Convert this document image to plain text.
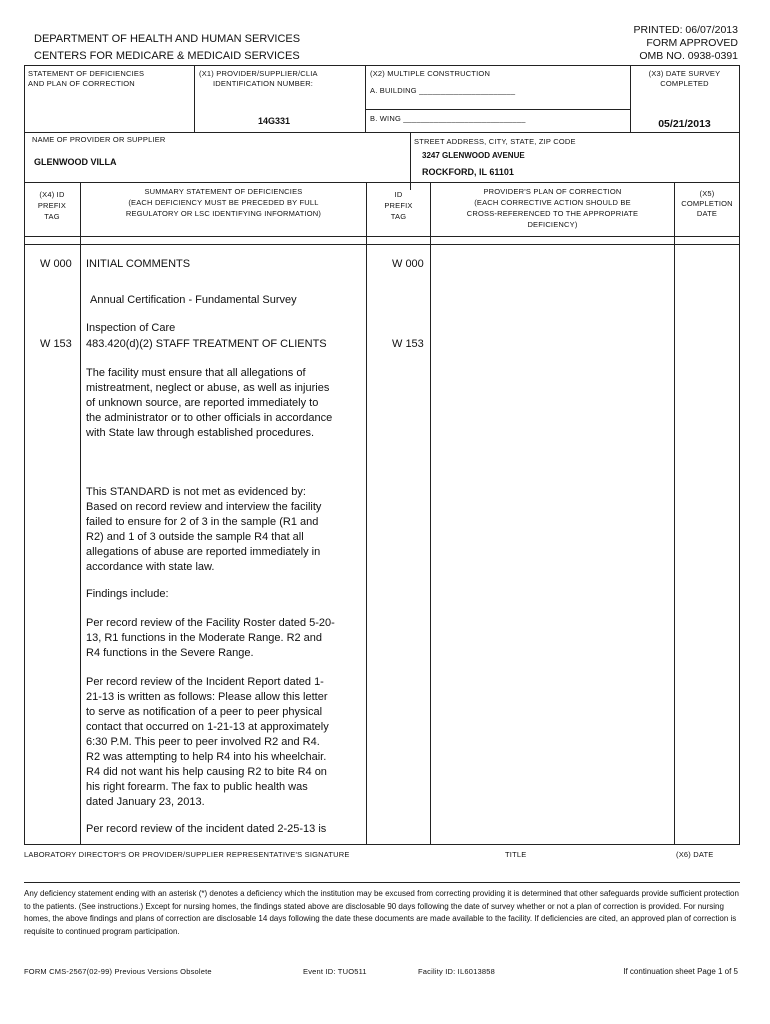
PRINTED: 06/07/2013
FORM APPROVED
OMB NO. 0938-0391
DEPARTMENT OF HEALTH AND HUMAN SERVICES
CENTERS FOR MEDICARE & MEDICAID SERVICES
STATEMENT OF DEFICIENCIES
AND PLAN OF CORRECTION
(X1) PROVIDER/SUPPLIER/CLIA
IDENTIFICATION NUMBER:
14G331
(X2) MULTIPLE CONSTRUCTION
A. BUILDING ______________________
B. WING ____________________________
(X3) DATE SURVEY
COMPLETED
05/21/2013
NAME OF PROVIDER OR SUPPLIER
GLENWOOD VILLA
STREET ADDRESS, CITY, STATE, ZIP CODE
3247 GLENWOOD AVENUE
ROCKFORD, IL 61101
(X4) ID
PREFIX
TAG
SUMMARY STATEMENT OF DEFICIENCIES
(EACH DEFICIENCY MUST BE PRECEDED BY FULL
REGULATORY OR LSC IDENTIFYING INFORMATION)
ID
PREFIX
TAG
PROVIDER'S PLAN OF CORRECTION
(EACH CORRECTIVE ACTION SHOULD BE
CROSS-REFERENCED TO THE APPROPRIATE
DEFICIENCY)
(X5)
COMPLETION
DATE
W 000 INITIAL COMMENTS	W 000
Annual Certification - Fundamental Survey
Inspection of Care
W 153 483.420(d)(2) STAFF TREATMENT OF CLIENTS	W 153
The facility must ensure that all allegations of mistreatment, neglect or abuse, as well as injuries of unknown source, are reported immediately to the administrator or to other officials in accordance with State law through established procedures.
This STANDARD is not met as evidenced by:
Based on record review and interview the facility failed to ensure for 2 of 3 in the sample (R1 and R2) and 1 of 3 outside the sample R4 that all allegations of abuse are reported immediately in accordance with state law.
Findings include:
Per record review of the Facility Roster dated 5-20-13, R1 functions in the Moderate Range. R2 and R4 functions in the Severe Range.
Per record review of the Incident Report dated 1-21-13 is written as follows: Please allow this letter to serve as notification of a peer to peer physical contact that occurred on 1-21-13 at approximately 6:30 P.M. This peer to peer involved R2 and R4. R2 was attempting to help R4 into his wheelchair. R4 did not want his help causing R2 to bite R4 on his right forearm. The fax to public health was dated January 23, 2013.
Per record review of the incident dated 2-25-13 is
LABORATORY DIRECTOR'S OR PROVIDER/SUPPLIER REPRESENTATIVE'S SIGNATURE	TITLE	(X6) DATE
Any deficiency statement ending with an asterisk (*) denotes a deficiency which the institution may be excused from correcting providing it is determined that other safeguards provide sufficient protection to the patients. (See instructions.) Except for nursing homes, the findings stated above are disclosable 90 days following the date of survey whether or not a plan of correction is provided. For nursing homes, the above findings and plans of correction are disclosable 14 days following the date these documents are made available to the facility. If deficiencies are cited, an approved plan of correction is requisite to continued program participation.
FORM CMS-2567(02-99) Previous Versions Obsolete	Event ID: TUO511	Facility ID: IL6013858	If continuation sheet Page 1 of 5
